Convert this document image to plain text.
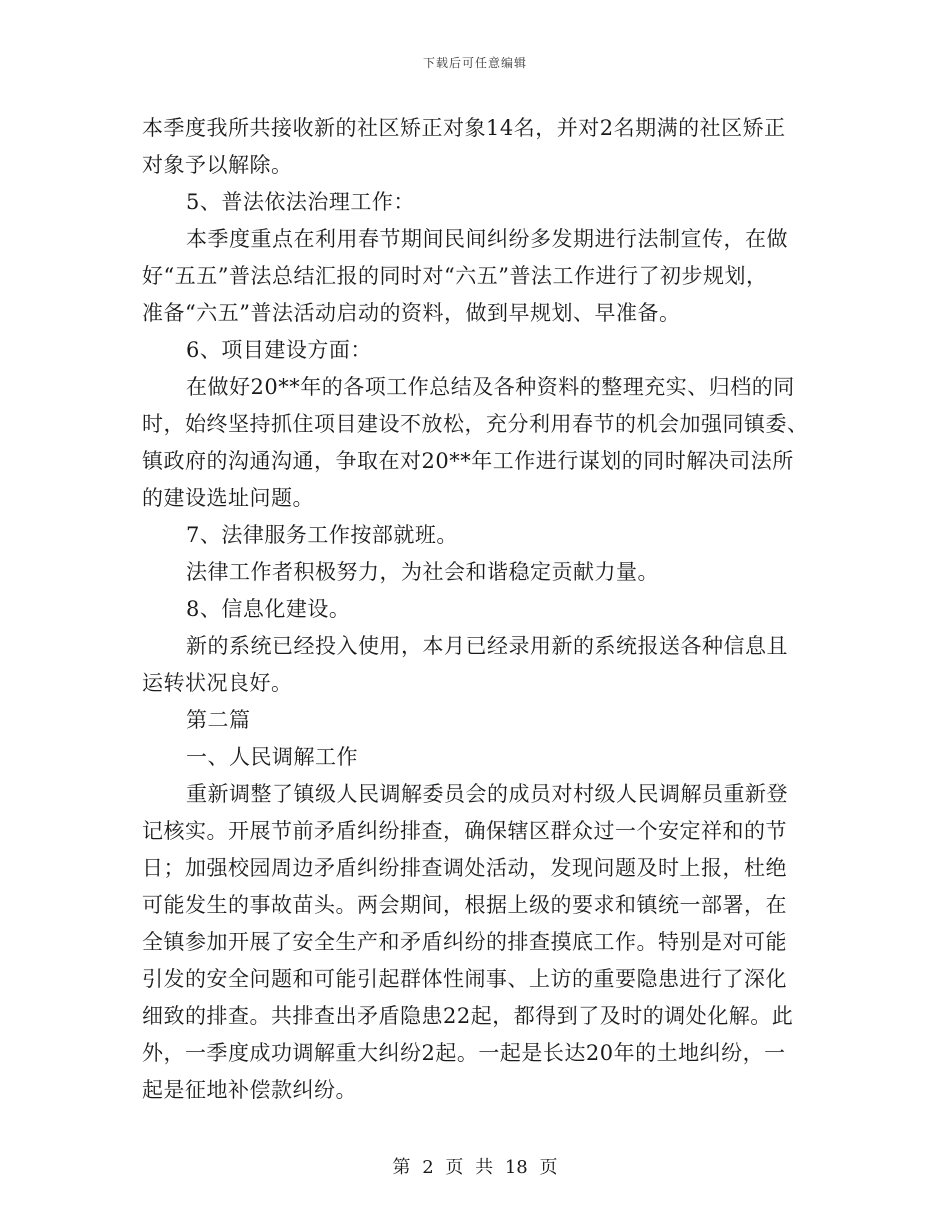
下载后可任意编辑
本季度我所共接收新的社区矫正对象14名，并对2名期满的社区矫正
对象予以解除。
5、普法依法治理工作：
本季度重点在利用春节期间民间纠纷多发期进行法制宣传，在做
好“五五”普法总结汇报的同时对“六五”普法工作进行了初步规划，
准备“六五”普法活动启动的资料，做到早规划、早准备。
6、项目建设方面：
在做好20**年的各项工作总结及各种资料的整理充实、归档的同
时，始终坚持抓住项目建设不放松，充分利用春节的机会加强同镇委、
镇政府的沟通沟通，争取在对20**年工作进行谋划的同时解决司法所
的建设选址问题。
7、法律服务工作按部就班。
法律工作者积极努力，为社会和谐稳定贡献力量。
8、信息化建设。
新的系统已经投入使用，本月已经录用新的系统报送各种信息且
运转状况良好。
第二篇
一、人民调解工作
重新调整了镇级人民调解委员会的成员对村级人民调解员重新登
记核实。开展节前矛盾纠纷排查，确保辖区群众过一个安定祥和的节
日；加强校园周边矛盾纠纷排查调处活动，发现问题及时上报，杜绝
可能发生的事故苗头。两会期间，根据上级的要求和镇统一部署，在
全镇参加开展了安全生产和矛盾纠纷的排查摸底工作。特别是对可能
引发的安全问题和可能引起群体性闹事、上访的重要隐患进行了深化
细致的排查。共排查出矛盾隐患22起，都得到了及时的调处化解。此
外，一季度成功调解重大纠纷2起。一起是长达20年的土地纠纷，一
起是征地补偿款纠纷。
第 2 页 共 18 页
